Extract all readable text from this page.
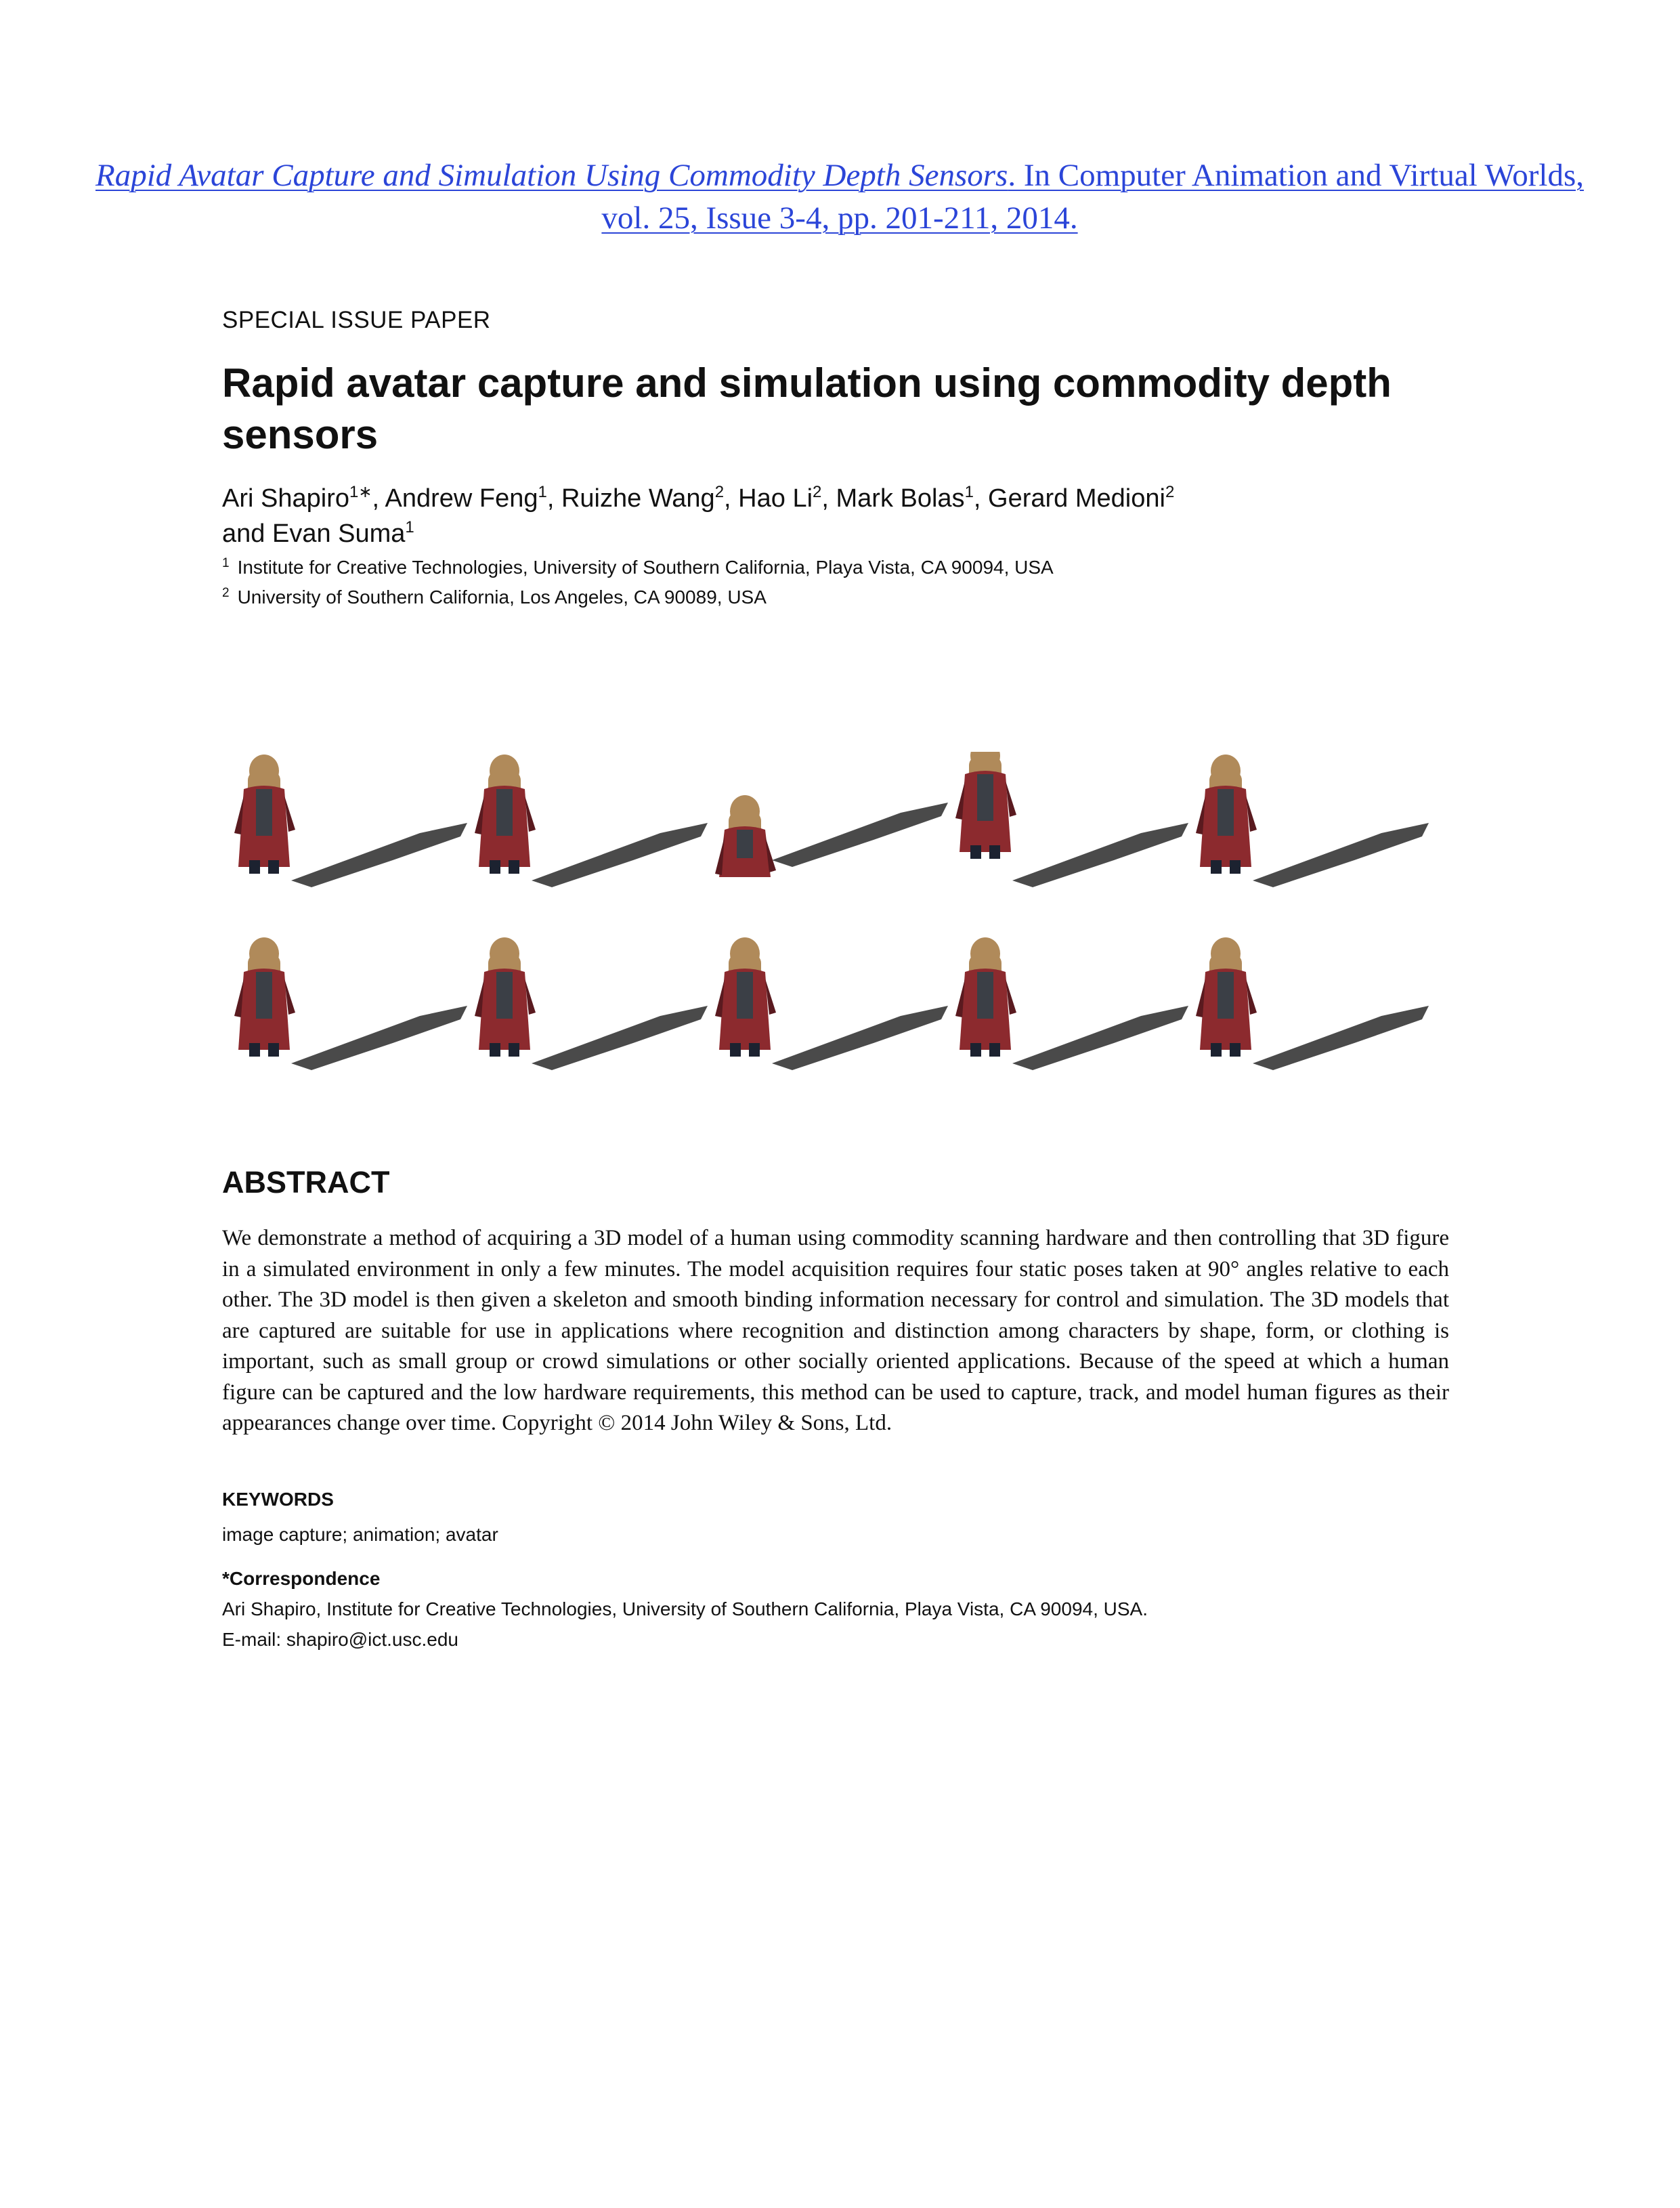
Rapid Avatar Capture and Simulation Using Commodity Depth Sensors. In Computer Animation and Virtual Worlds, vol. 25, Issue 3-4, pp. 201-211, 2014.
SPECIAL ISSUE PAPER
Rapid avatar capture and simulation using commodity depth sensors
Ari Shapiro$^{1∗}$, Andrew Feng$^1$, Ruizhe Wang$^2$, Hao Li$^2$, Mark Bolas$^1$, Gerard Medioni$^2$
and Evan Suma$^1$
$^1$ Institute for Creative Technologies, University of Southern California, Playa Vista, CA 90094, USA
$^2$ University of Southern California, Los Angeles, CA 90089, USA
ABSTRACT

We demonstrate a method of acquiring a 3D model of a human using commodity scanning hardware and then controlling that 3D figure in a simulated environment in only a few minutes. The model acquisition requires four static poses taken at 90° angles relative to each other. The 3D model is then given a skeleton and smooth binding information necessary for control and simulation. The 3D models that are captured are suitable for use in applications where recognition and distinction among characters by shape, form, or clothing is important, such as small group or crowd simulations or other socially oriented applications. Because of the speed at which a human figure can be captured and the low hardware requirements, this method can be used to capture, track, and model human figures as their appearances change over time. Copyright © 2014 John Wiley & Sons, Ltd.

KEYWORDS
image capture; animation; avatar
*Correspondence
Ari Shapiro, Institute for Creative Technologies, University of Southern California, Playa Vista, CA 90094, USA.
E-mail: shapiro@ict.usc.edu
